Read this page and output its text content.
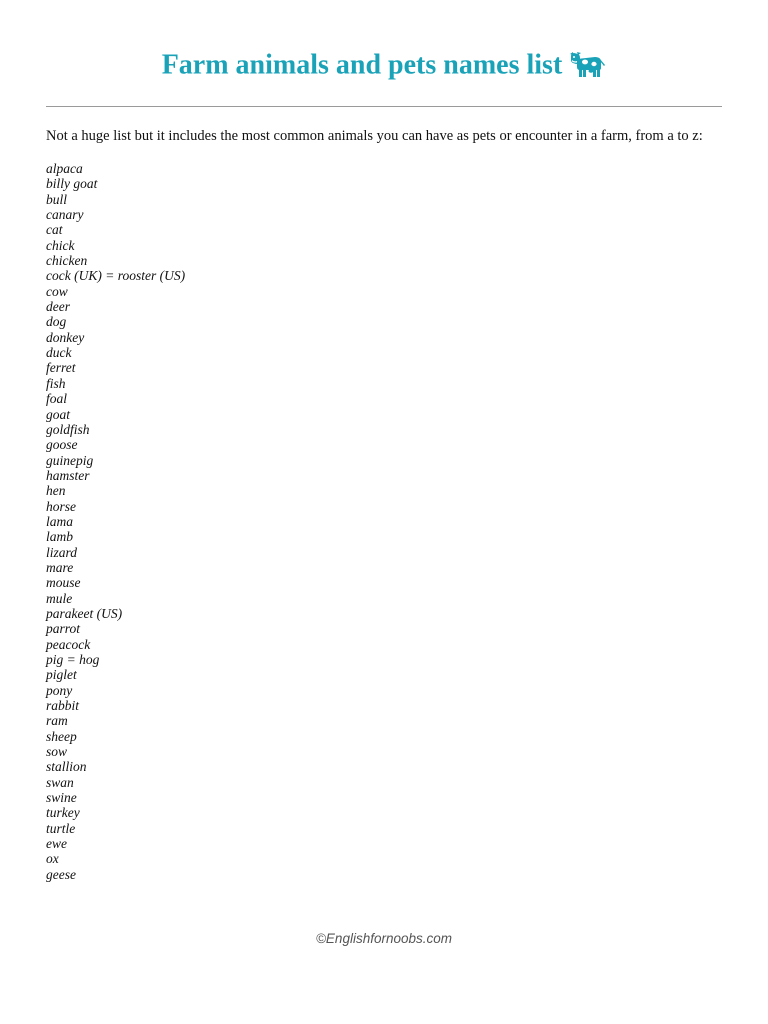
Farm animals and pets names list
Not a huge list but it includes the most common animals you can have as pets or encounter in a farm, from a to z:
alpaca
billy goat
bull
canary
cat
chick
chicken
cock (UK) = rooster (US)
cow
deer
dog
donkey
duck
ferret
fish
foal
goat
goldfish
goose
guinepig
hamster
hen
horse
lama
lamb
lizard
mare
mouse
mule
parakeet (US)
parrot
peacock
pig = hog
piglet
pony
rabbit
ram
sheep
sow
stallion
swan
swine
turkey
turtle
ewe
ox
geese
©Englishfornoobs.com
